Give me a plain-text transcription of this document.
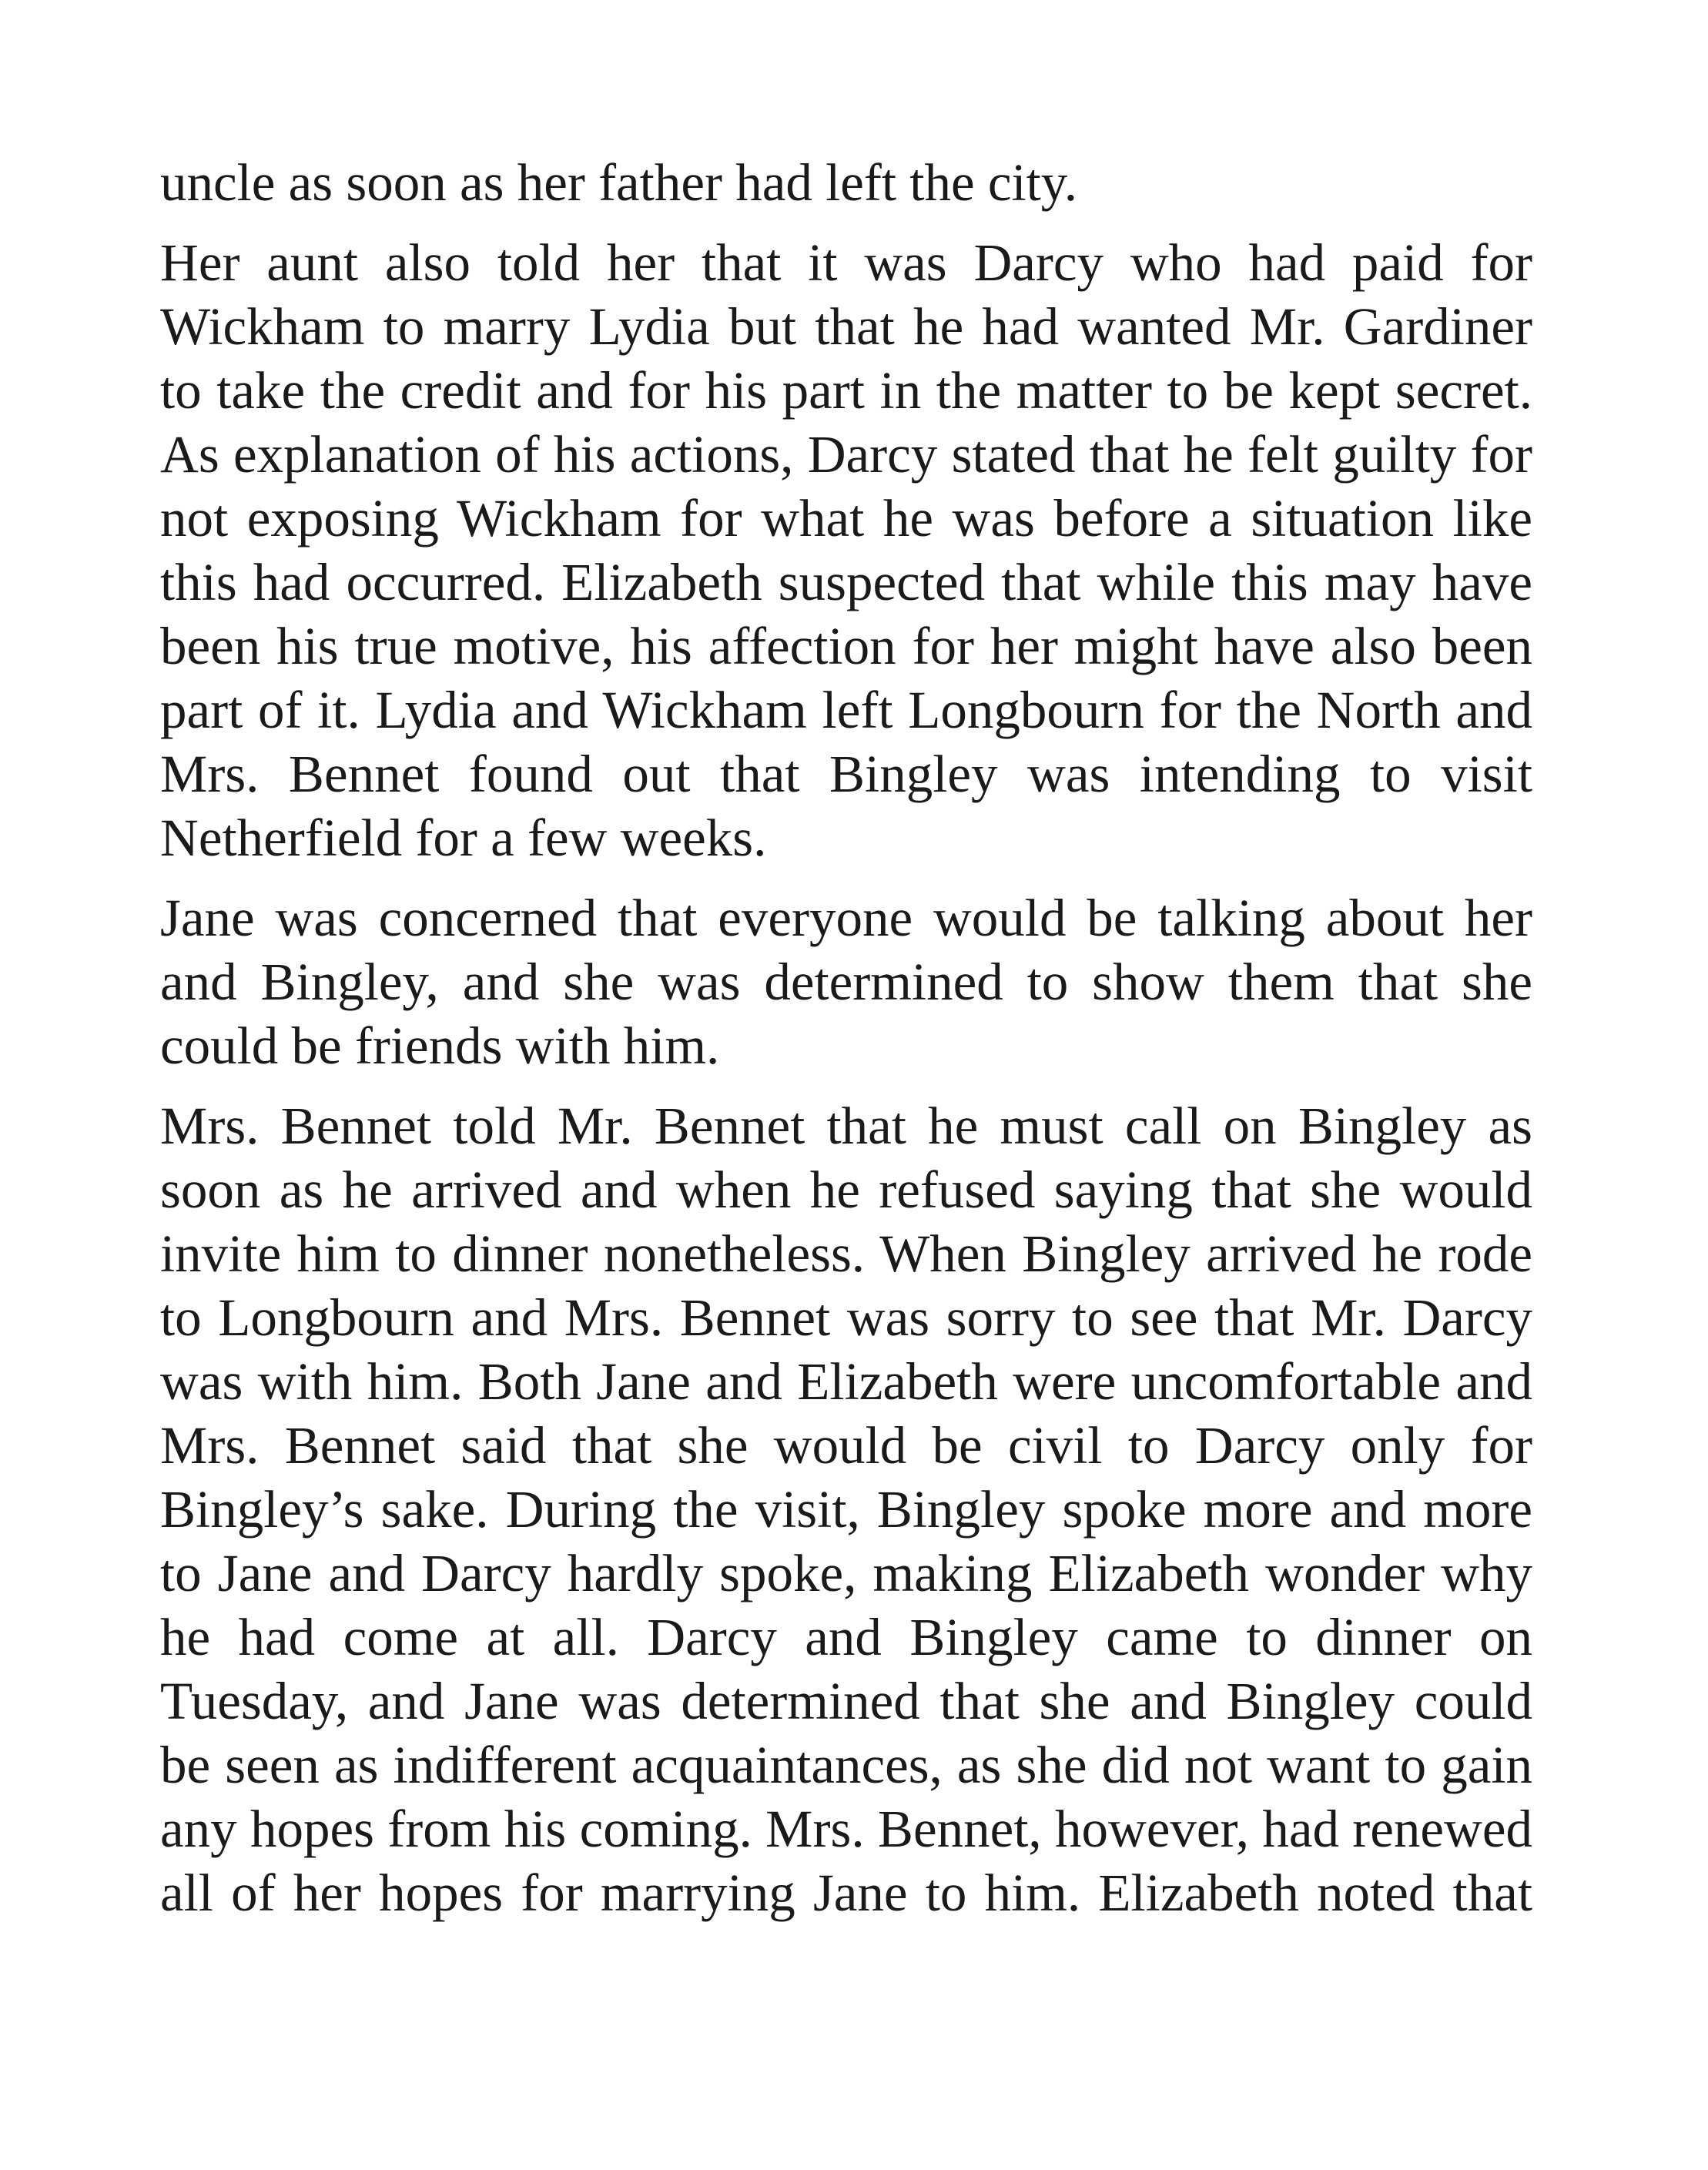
uncle as soon as her father had left the city.

Her aunt also told her that it was Darcy who had paid for Wickham to marry Lydia but that he had wanted Mr. Gardiner to take the credit and for his part in the matter to be kept secret. As explanation of his actions, Darcy stated that he felt guilty for not exposing Wickham for what he was before a situation like this had occurred. Elizabeth suspected that while this may have been his true motive, his affection for her might have also been part of it. Lydia and Wickham left Longbourn for the North and Mrs. Bennet found out that Bingley was intending to visit Netherfield for a few weeks.

Jane was concerned that everyone would be talking about her and Bingley, and she was determined to show them that she could be friends with him.

Mrs. Bennet told Mr. Bennet that he must call on Bingley as soon as he arrived and when he refused saying that she would invite him to dinner nonetheless. When Bingley arrived he rode to Longbourn and Mrs. Bennet was sorry to see that Mr. Darcy was with him. Both Jane and Elizabeth were uncomfortable and Mrs. Bennet said that she would be civil to Darcy only for Bingley’s sake. During the visit, Bingley spoke more and more to Jane and Darcy hardly spoke, making Elizabeth wonder why he had come at all. Darcy and Bingley came to dinner on Tuesday, and Jane was determined that she and Bingley could be seen as indifferent acquaintances, as she did not want to gain any hopes from his coming. Mrs. Bennet, however, had renewed all of her hopes for marrying Jane to him. Elizabeth noted that
